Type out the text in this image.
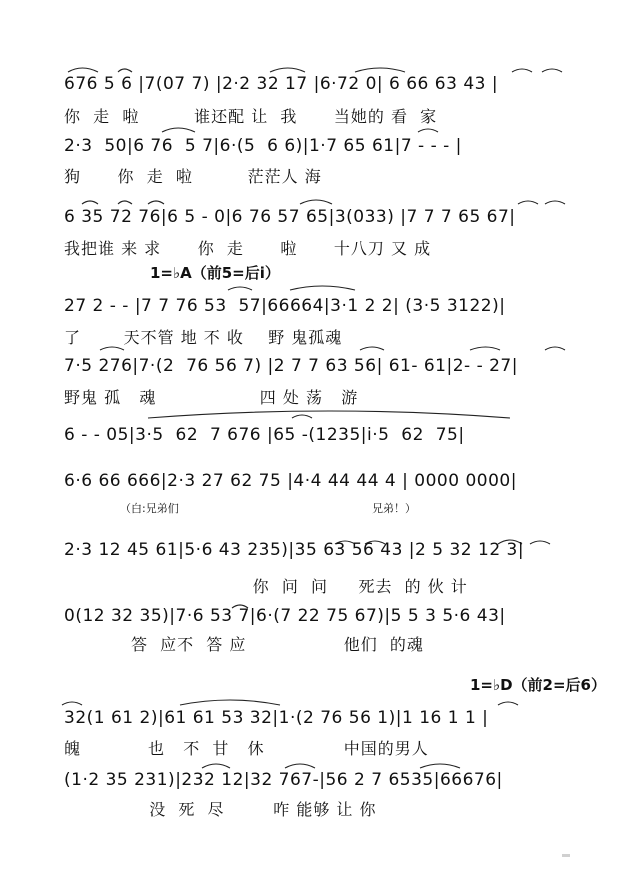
1=♭A（前5=后i）
1=♭D（前2=后6）
676 5 6 |7(07 7) |2·2 32 17 |6·72 0| 6 66 63 43 |
你  走  啦         谁还配 让  我      当她的 看  家
2·3  50|6 76  5 7|6·(5  6 6)|1·7 65 61|7 - - - |
狗      你  走  啦         茫茫人 海
6 35 72 76|6 5 - 0|6 76 57 65|3(033) |7 7 7 65 67|
我把谁 来 求      你  走      啦      十八刀 又 成
27 2 - - |7 7 76 53  57|66664|3·1 2 2| (3·5 3122)|
了       天不管 地 不 收    野 鬼孤魂
7·5 276|7·(2  76 56 7) |2 7 7 63 56| 61- 61|2- - 27|
野鬼 孤   魂                 四 处 荡   游
6 - - 05|3·5  62  7 676 |65 -(1235|i·5  62  75|
6·6 66 666|2·3 27 62 75 |4·4 44 44 4 | 0000 0000|
（白:兄弟们	兄弟！）
2·3 12 45 61|5·6 43 235)|35 63 56 43 |2 5 32 12 3|
你  问  问     死去  的 伙 计
0(12 32 35)|7·6 53 7|6·(7 22 75 67)|5 5 3 5·6 43|
答  应不  答 应                他们  的魂
32(1 61 2)|61 61 53 32|1·(2 76 56 1)|1 16 1 1 |
魄           也   不  甘   休             中国的男人
(1·2 35 231)|232 12|32 767-|56 2 7 6535|66676|
没  死  尽        咋 能够 让 你
